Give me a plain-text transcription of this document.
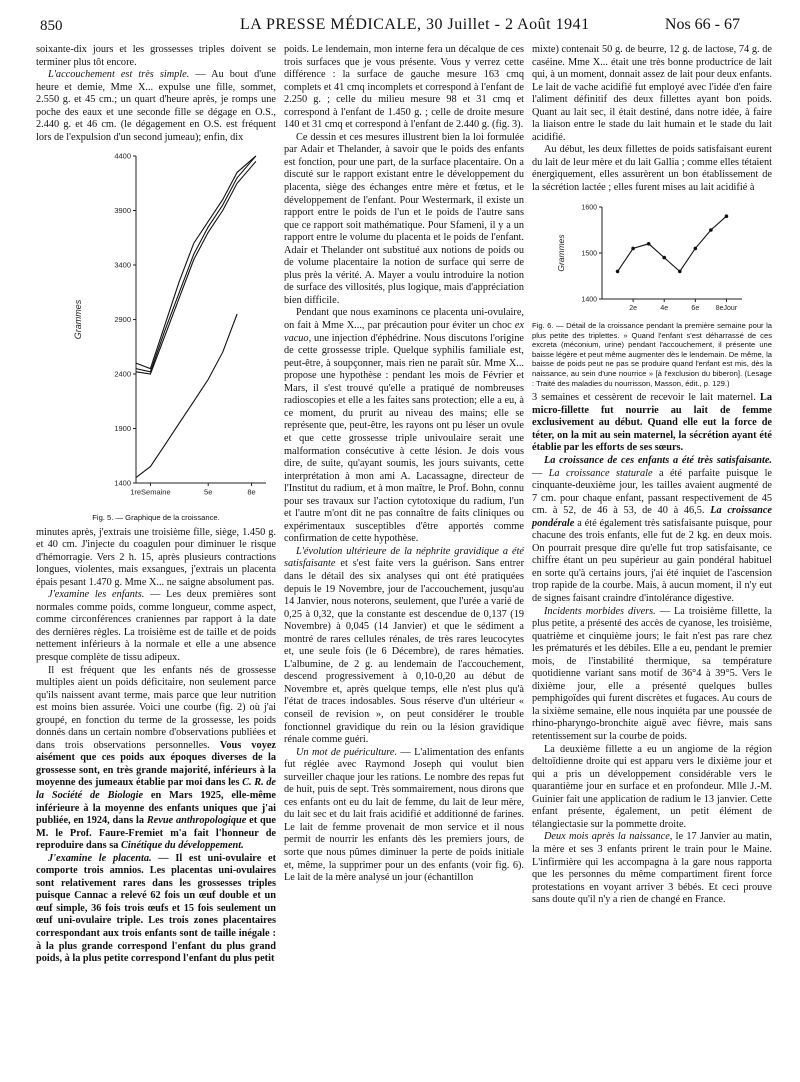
850	LA PRESSE MÉDICALE, 30 Juillet - 2 Août 1941	Nos 66 - 67

soixante-dix jours et les grossesses triples doivent se terminer plus tôt encore.

L'accouchement est très simple. — Au bout d'une heure et demie, Mme X... expulse une fille, sommet, 2.550 g. et 45 cm.; un quart d'heure après, je romps une poche des eaux et une seconde fille se dégage en O.S., 2.440 g. et 46 cm. (le dégagement en O.S. est fréquent lors de l'expulsion d'un second jumeau); enfin, dix

4400
3900
3400
2900
2400
1900
1400
1reSemaine	5e	8e
Grammes
Fig. 5. — Graphique de la croissance.

minutes après, j'extrais une troisième fille, siège, 1.450 g. et 40 cm. J'injecte du coagulen pour diminuer le risque d'hémorragie. Vers 2 h. 15, après plusieurs contractions longues, violentes, mais exsangues, j'extrais un placenta épais pesant 1.470 g. Mme X... ne saigne absolument pas.

J'examine les enfants. — Les deux premières sont normales comme poids, comme longueur, comme aspect, comme circonférences craniennes par rapport à la date des dernières règles. La troisième est de taille et de poids nettement inférieurs à la normale et elle a une absence presque complète de tissu adipeux.

Il est fréquent que les enfants nés de grossesse multiples aient un poids déficitaire, non seulement parce qu'ils naissent avant terme, mais parce que leur nutrition est moins bien assurée. Voici une courbe (fig. 2) où j'ai groupé, en fonction du terme de la grossesse, les poids donnés dans un certain nombre d'observations publiées et dans trois observations personnelles. Vous voyez aisément que ces poids aux époques diverses de la grossesse sont, en très grande majorité, inférieurs à la moyenne des jumeaux établie par moi dans les C. R. de la Société de Biologie en Mars 1925, elle-même inférieure à la moyenne des enfants uniques que j'ai publiée, en 1924, dans la Revue anthropologique et que M. le Prof. Faure-Fremiet m'a fait l'honneur de reproduire dans sa Cinétique du développement.

J'examine le placenta. — Il est uni-ovulaire et comporte trois amnios. Les placentas uni-ovulaires sont relativement rares dans les grossesses triples puisque Cannac a relevé 62 fois un œuf double et un œuf simple, 36 fois trois œufs et 15 fois seulement un œuf uni-ovulaire triple. Les trois zones placentaires correspondant aux trois enfants sont de taille inégale : à la plus grande correspond l'enfant du plus grand poids, à la plus petite correspond l'enfant du plus petit

poids. Le lendemain, mon interne fera un décalque de ces trois surfaces que je vous présente. Vous y verrez cette différence : la surface de gauche mesure 163 cmq complets et 41 cmq incomplets et correspond à l'enfant de 2.250 g. ; celle du milieu mesure 98 et 31 cmq et correspond à l'enfant de 1.450 g. ; celle de droite mesure 140 et 31 cmq et correspond à l'enfant de 2.440 g. (fig. 3).

Ce dessin et ces mesures illustrent bien la loi formulée par Adair et Thelander, à savoir que le poids des enfants est fonction, pour une part, de la surface placentaire. On a discuté sur le rapport existant entre le développement du placenta, siège des échanges entre mère et fœtus, et le développement de l'enfant. Pour Westermark, il existe un rapport entre le poids de l'un et le poids de l'autre sans que ce rapport soit mathématique. Pour Sfameni, il y a un rapport entre le volume du placenta et le poids de l'enfant. Adair et Thelander ont substitué aux notions de poids ou de volume placentaire la notion de surface qui serre de plus près la vérité. A. Mayer a voulu introduire la notion de surface des villosités, plus logique, mais d'appréciation bien difficile.

Pendant que nous examinons ce placenta uni-ovulaire, on fait à Mme X..., par précaution pour éviter un choc ex vacuo, une injection d'éphédrine. Nous discutons l'origine de cette grossesse triple. Quelque syphilis familiale est, peut-être, à soupçonner, mais rien ne paraît sûr. Mme X... propose une hypothèse : pendant les mois de Février et Mars, il s'est trouvé qu'elle a pratiqué de nombreuses radioscopies et elle a les faites sans protection; elle a eu, à ce moment, du prurit au niveau des mains; elle se représente que, peut-être, les rayons ont pu léser un ovule et que cette grossesse triple univoulaire serait une malformation consécutive à cette lésion. Je dois vous dire, de suite, qu'ayant soumis, les jours suivants, cette interprétation à mon ami A. Lacassagne, directeur de l'Institut du radium, et à mon maître, le Prof. Bohn, connu pour ses travaux sur l'action cytotoxique du radium, l'un et l'autre m'ont dit ne pas connaître de faits cliniques ou expérimentaux susceptibles d'être apportés comme confirmation de cette hypothèse.

L'évolution ultérieure de la néphrite gravidique a été satisfaisante et s'est faite vers la guérison. Sans entrer dans le détail des six analyses qui ont été pratiquées depuis le 19 Novembre, jour de l'accouchement, jusqu'au 14 Janvier, nous noterons, seulement, que l'urée a varié de 0,25 à 0,32, que la constante est descendue de 0,137 (19 Novembre) à 0,045 (14 Janvier) et que le sédiment a montré de rares cellules rénales, de très rares leucocytes et, une seule fois (le 6 Décembre), de rares hématies. L'albumine, de 2 g. au lendemain de l'accouchement, descend progressivement à 0,10-0,20 au début de Novembre et, après quelque temps, elle n'est plus qu'à l'état de traces indosables. Sous réserve d'un ultérieur « conseil de revision », on peut considérer le trouble fonctionnel gravidique du rein ou la lésion gravidique rénale comme guéri.

Un mot de puériculture. — L'alimentation des enfants fut réglée avec Raymond Joseph qui voulut bien surveiller chaque jour les rations. Le nombre des repas fut de huit, puis de sept. Très sommairement, nous dirons que ces enfants ont eu du lait de femme, du lait de leur mère, du lait sec et du lait frais acidifié et additionné de farines. Le lait de femme provenait de mon service et il nous permit de nourrir les enfants dès les premiers jours, de sorte que nous pûmes diminuer la perte de poids initiale et, même, la supprimer pour un des enfants (voir fig. 6). Le lait de la mère analysé un jour (échantillon

mixte) contenait 50 g. de beurre, 12 g. de lactose, 74 g. de caséine. Mme X... était une très bonne productrice de lait qui, à un moment, donnait assez de lait pour deux enfants. Le lait de vache acidifié fut employé avec l'idée d'en faire l'aliment définitif des deux fillettes ayant bon poids. Quant au lait sec, il était destiné, dans notre idée, à faire la liaison entre le stade du lait humain et le stade du lait acidifié.

Au début, les deux fillettes de poids satisfaisant eurent du lait de leur mère et du lait Gallia ; comme elles tétaient énergiquement, elles assurèrent un bon établissement de la sécrétion lactée ; elles furent mises au lait acidifié à

1600
1500
1400
2e	4e	6e 8eJour
Grammes
Fig. 6. — Détail de la croissance pendant la première semaine pour la plus petite des triplettes. » Quand l'enfant s'est déharrassé de ces excreta (méconium, urine) pendant l'accouchement, il présente une baisse légère et peut même augmenter dès le lendemain. De même, la baisse de poids peut ne pas se produire quand l'enfant est mis, dès la naissance, au sein d'une nourrice » [à l'exclusion du biberon]. (Lesage : Traité des maladies du nourrisson, Masson, édit., p. 129.)

3 semaines et cessèrent de recevoir le lait maternel. La micro-fillette fut nourrie au lait de femme exclusivement au début. Quand elle eut la force de téter, on la mit au sein maternel, la sécrétion ayant été établie par les efforts de ses sœurs.

La croissance de ces enfants a été très satisfaisante. — La croissance staturale a été parfaite puisque le cinquante-deuxième jour, les tailles avaient augmenté de 7 cm. pour chaque enfant, passant respectivement de 45 cm. à 52, de 46 à 53, de 40 à 46,5. La croissance pondérale a été également très satisfaisante puisque, pour chacune des trois enfants, elle fut de 2 kg. en deux mois. On pourrait presque dire qu'elle fut trop satisfaisante, ce chiffre étant un peu supérieur au gain pondéral habituel en sorte qu'à certains jours, j'ai été inquiet de l'ascension trop rapide de la courbe. Mais, à aucun moment, il n'y eut de signes faisant craindre d'intolérance digestive.

Incidents morbides divers. — La troisième fillette, la plus petite, a présenté des accès de cyanose, les troisième, quatrième et cinquième jours; le fait n'est pas rare chez les prématurés et les débiles. Elle a eu, pendant le premier mois, de l'instabilité thermique, sa température quotidienne variant sans motif de 36°4 à 39°5. Vers le dixième jour, elle a présenté quelques bulles pemphigoïdes qui furent discrètes et fugaces. Au cours de la sixième semaine, elle nous inquiéta par une poussée de rhino-pharyngo-bronchite aiguë avec fièvre, mais sans retentissement sur la courbe de poids.

La deuxième fillette a eu un angiome de la région deltoïdienne droite qui est apparu vers le dixième jour et qui a pris un développement considérable vers le quarantième jour en surface et en profondeur. Mlle J.-M. Guinier fait une application de radium le 13 janvier. Cette enfant présente, également, un petit élément de télangiectasie sur la pommette droite.

Deux mois après la naissance, le 17 Janvier au matin, la mère et ses 3 enfants prirent le train pour le Maine. L'infirmière qui les accompagna à la gare nous rapporta que les personnes du même compartiment firent force protestations en voyant arriver 3 bébés. Et ceci prouve sans doute qu'il n'y a rien de changé en France.
